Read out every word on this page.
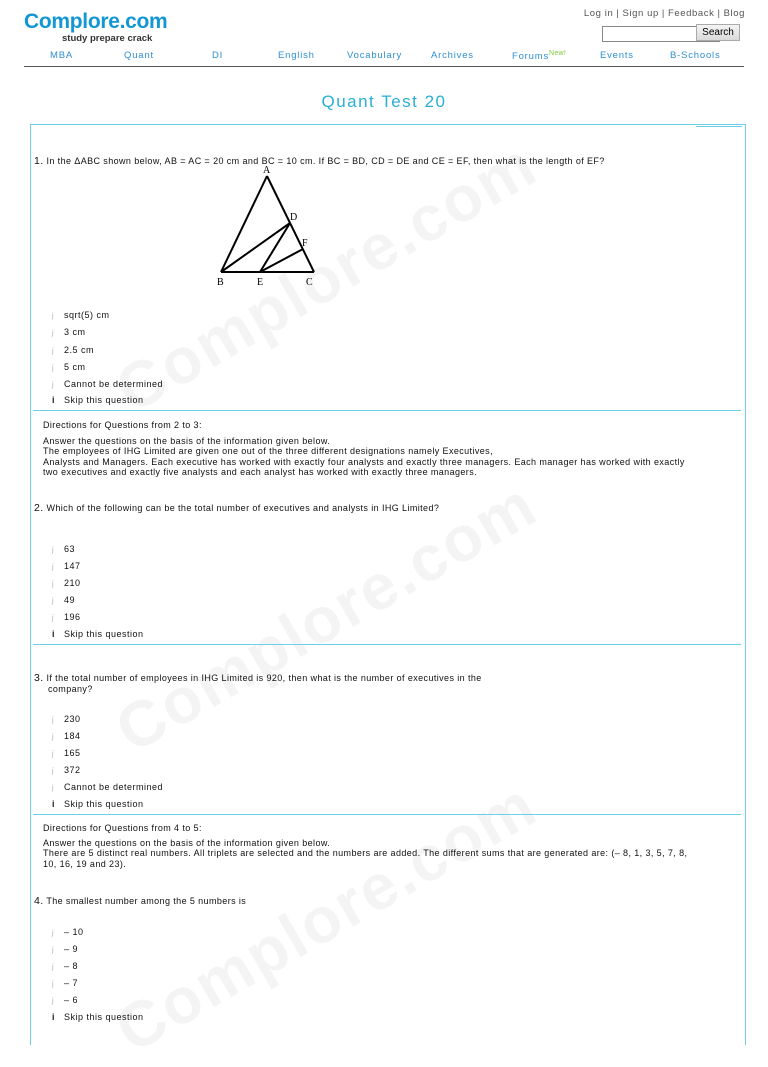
Complore.com
study prepare crack
Log in | Sign up | Feedback | Blog
Search
MBA	Quant	DI	English	Vocabulary	Archives	Forums$^{New!}$	Events	B-Schools
Quant Test 20
1. In the ΔABC shown below, AB = AC = 20 cm and BC = 10 cm. If BC = BD, CD = DE and CE = EF, then what is the length of EF?
A
B	C
D
E
F
jֺ sqrt(5) cm
jֺ 3 cm
jֺ 2.5 cm
jֺ 5 cm
jֺ Cannot be determined
i Skip this question
Directions for Questions from 2 to 3:
Answer the questions on the basis of the information given below.
The employees of IHG Limited are given one out of the three different designations namely Executives,
Analysts and Managers. Each executive has worked with exactly four analysts and exactly three managers. Each manager has worked with exactly
two executives and exactly five analysts and each analyst has worked with exactly three managers.
2. Which of the following can be the total number of executives and analysts in IHG Limited?
jֺ 63
jֺ 147
jֺ 210
jֺ 49
jֺ 196
i Skip this question
3. If the total number of employees in IHG Limited is 920, then what is the number of executives in the
company?
jֺ 230
jֺ 184
jֺ 165
jֺ 372
jֺ Cannot be determined
i Skip this question
Directions for Questions from 4 to 5:
Answer the questions on the basis of the information given below.
There are 5 distinct real numbers. All triplets are selected and the numbers are added. The different sums that are generated are: (– 8, 1, 3, 5, 7, 8,
10, 16, 19 and 23).
4. The smallest number among the 5 numbers is
jֺ – 10
jֺ – 9
jֺ – 8
jֺ – 7
jֺ – 6
i Skip this question
